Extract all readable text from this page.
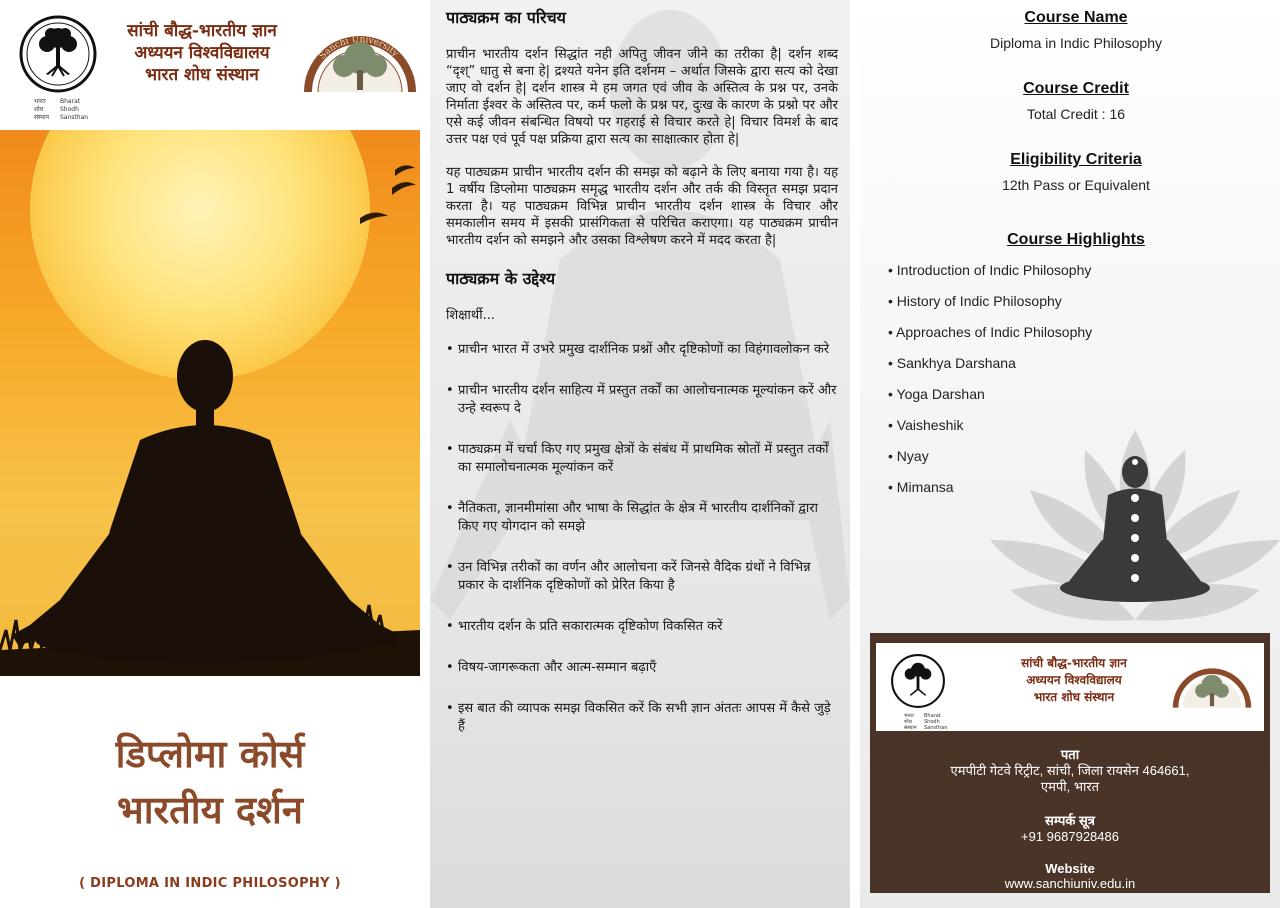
भारत
शोध
संस्थान
Bharat
Shodh
Sansthan
सांची बौद्ध-भारतीय ज्ञान
अध्ययन विश्वविद्यालय
भारत शोध संस्थान
Sanchi University
डिप्लोमा कोर्स
भारतीय दर्शन
( DIPLOMA IN INDIC PHILOSOPHY )
पाठ्यक्रम का परिचय

प्राचीन भारतीय दर्शन सिद्धांत नही अपितु जीवन जीने का तरीका है| दर्शन शब्द “दृश्” धातु से बना हे| द्रश्यते यनेन इति दर्शनम – अर्थात जिसके द्वारा सत्य को देखा जाए वो दर्शन हे| दर्शन शास्त्र मे हम जगत एवं जीव के अस्तित्व के प्रश्न पर, उनके निर्माता ईश्वर के अस्तित्व पर, कर्म फलो के प्रश्न पर, दुःख के कारण के प्रश्नो पर और एसे कई जीवन संबन्धित विषयो पर गहराई से विचार करते हे| विचार विमर्श के बाद उत्तर पक्ष एवं पूर्व पक्ष प्रक्रिया द्वारा सत्य का साक्षात्कार होता हे|

यह पाठ्यक्रम प्राचीन भारतीय दर्शन की समझ को बढ़ाने के लिए बनाया गया है। यह 1 वर्षीय डिप्लोमा पाठ्यक्रम समृद्ध भारतीय दर्शन और तर्क की विस्तृत समझ प्रदान करता है। यह पाठ्यक्रम विभिन्न प्राचीन भारतीय दर्शन शास्त्र के विचार और समकालीन समय में इसकी प्रासंगिकता से परिचित कराएगा। यह पाठ्यक्रम प्राचीन भारतीय दर्शन को समझने और उसका विश्लेषण करने में मदद करता है|

पाठ्यक्रम के उद्देश्य
शिक्षार्थी...
• प्राचीन भारत में उभरे प्रमुख दार्शनिक प्रश्नों और दृष्टिकोणों का विहंगावलोकन करे
• प्राचीन भारतीय दर्शन साहित्य में प्रस्तुत तर्कों का आलोचनात्मक मूल्यांकन करें और उन्हे स्वरूप दे
• पाठ्यक्रम में चर्चा किए गए प्रमुख क्षेत्रों के संबंध में प्राथमिक स्रोतों में प्रस्तुत तर्कों का समालोचनात्मक मूल्यांकन करें
• नैतिकता, ज्ञानमीमांसा और भाषा के सिद्धांत के क्षेत्र में भारतीय दार्शनिकों द्वारा किए गए योगदान को समझे
• उन विभिन्न तरीकों का वर्णन और आलोचना करें जिनसे वैदिक ग्रंथों ने विभिन्न प्रकार के दार्शनिक दृष्टिकोणों को प्रेरित किया है
• भारतीय दर्शन के प्रति सकारात्मक दृष्टिकोण विकसित करें
• विषय-जागरूकता और आत्म-सम्मान बढ़ाएँ
• इस बात की व्यापक समझ विकसित करें कि सभी ज्ञान अंततः आपस में कैसे जुड़े हैं
Course Name
Diploma in Indic Philosophy
Course Credit
Total Credit : 16
Eligibility Criteria
12th Pass or Equivalent
Course Highlights
• Introduction of Indic Philosophy
• History of Indic Philosophy
• Approaches of Indic Philosophy
• Sankhya Darshana
• Yoga Darshan
• Vaisheshik
• Nyay
• Mimansa
भारत
शोध
संस्थान
Bharat
Shodh
Sansthan
सांची बौद्ध-भारतीय ज्ञान
अध्ययन विश्वविद्यालय
भारत शोध संस्थान
पता
एमपीटी गेटवे रिट्रीट, सांची, जिला रायसेन 464661,
एमपी, भारत
सम्पर्क सूत्र
+91 9687928486
Website
www.sanchiuniv.edu.in
